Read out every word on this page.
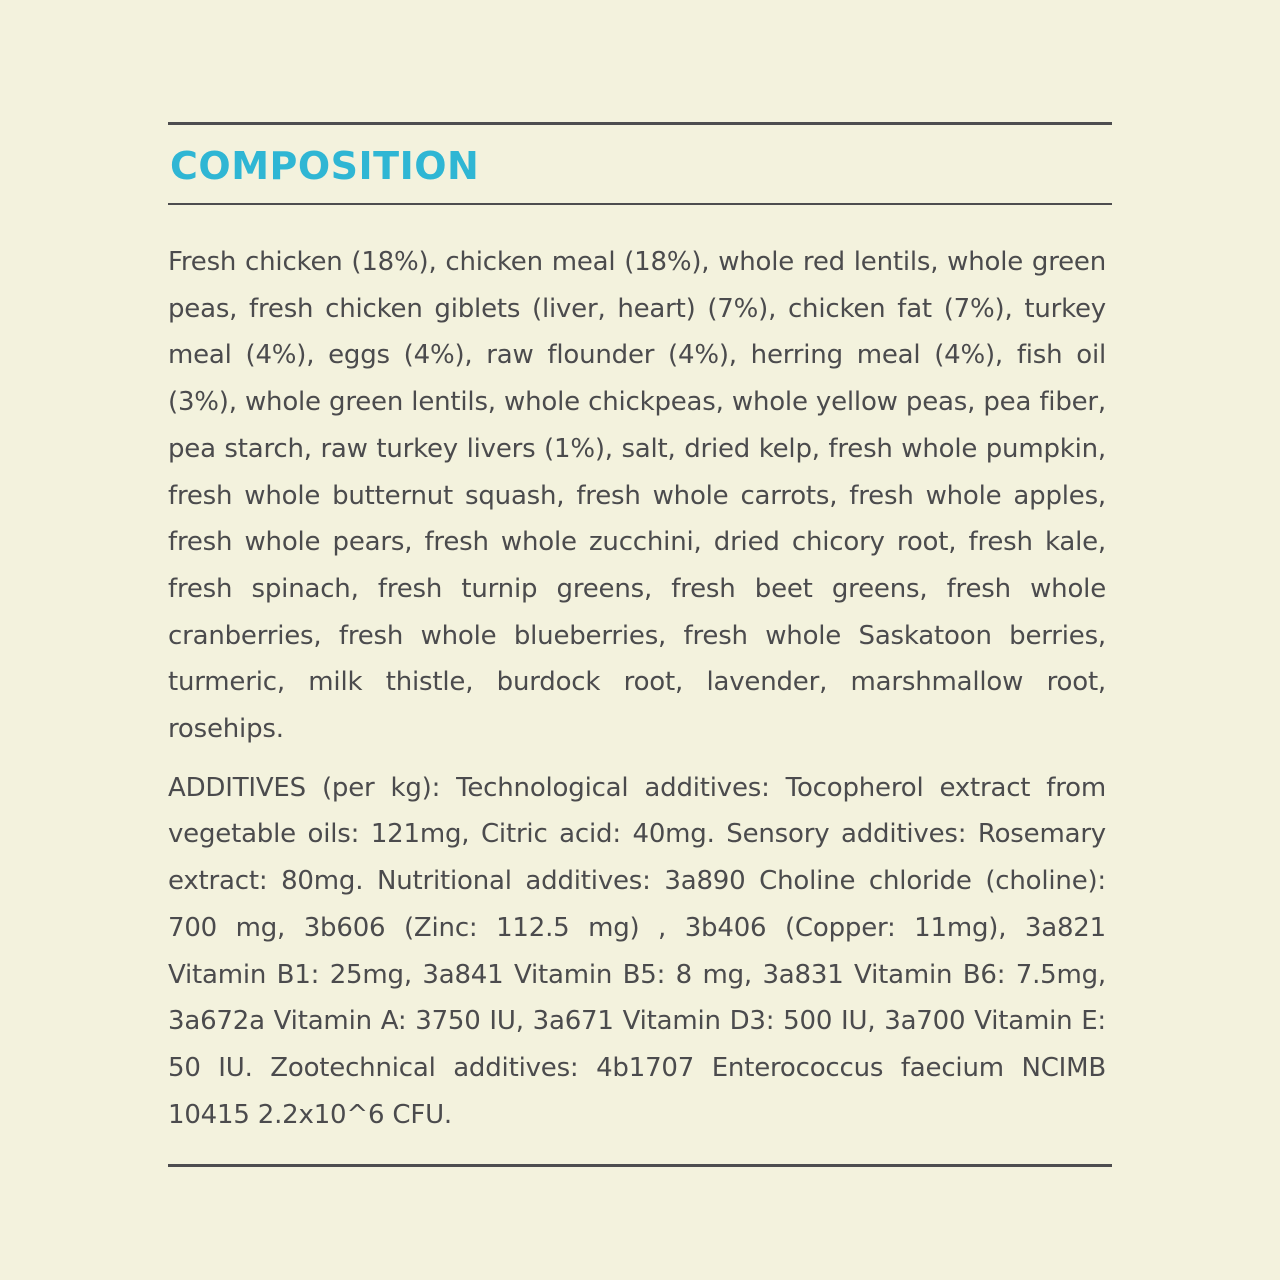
COMPOSITION

Fresh chicken (18%), chicken meal (18%), whole red lentils, whole green peas, fresh chicken giblets (liver, heart) (7%), chicken fat (7%), turkey meal (4%), eggs (4%), raw flounder (4%), herring meal (4%), fish oil (3%), whole green lentils, whole chickpeas, whole yellow peas, pea fiber, pea starch, raw turkey livers (1%), salt, dried kelp, fresh whole pumpkin, fresh whole butternut squash, fresh whole carrots, fresh whole apples, fresh whole pears, fresh whole zucchini, dried chicory root, fresh kale, fresh spinach, fresh turnip greens, fresh beet greens, fresh whole cranberries, fresh whole blueberries, fresh whole Saskatoon berries, turmeric, milk thistle, burdock root, lavender, marshmallow root, rosehips.

ADDITIVES (per kg): Technological additives: Tocopherol extract from vegetable oils: 121mg, Citric acid: 40mg. Sensory additives: Rosemary extract: 80mg. Nutritional additives: 3a890 Choline chloride (choline): 700 mg, 3b606 (Zinc: 112.5 mg) , 3b406 (Copper: 11mg), 3a821 Vitamin B1: 25mg, 3a841 Vitamin B5: 8 mg, 3a831 Vitamin B6: 7.5mg, 3a672a Vitamin A: 3750 IU, 3a671 Vitamin D3: 500 IU, 3a700 Vitamin E: 50 IU. Zootechnical additives: 4b1707 Enterococcus faecium NCIMB 10415 2.2x10^6 CFU.
